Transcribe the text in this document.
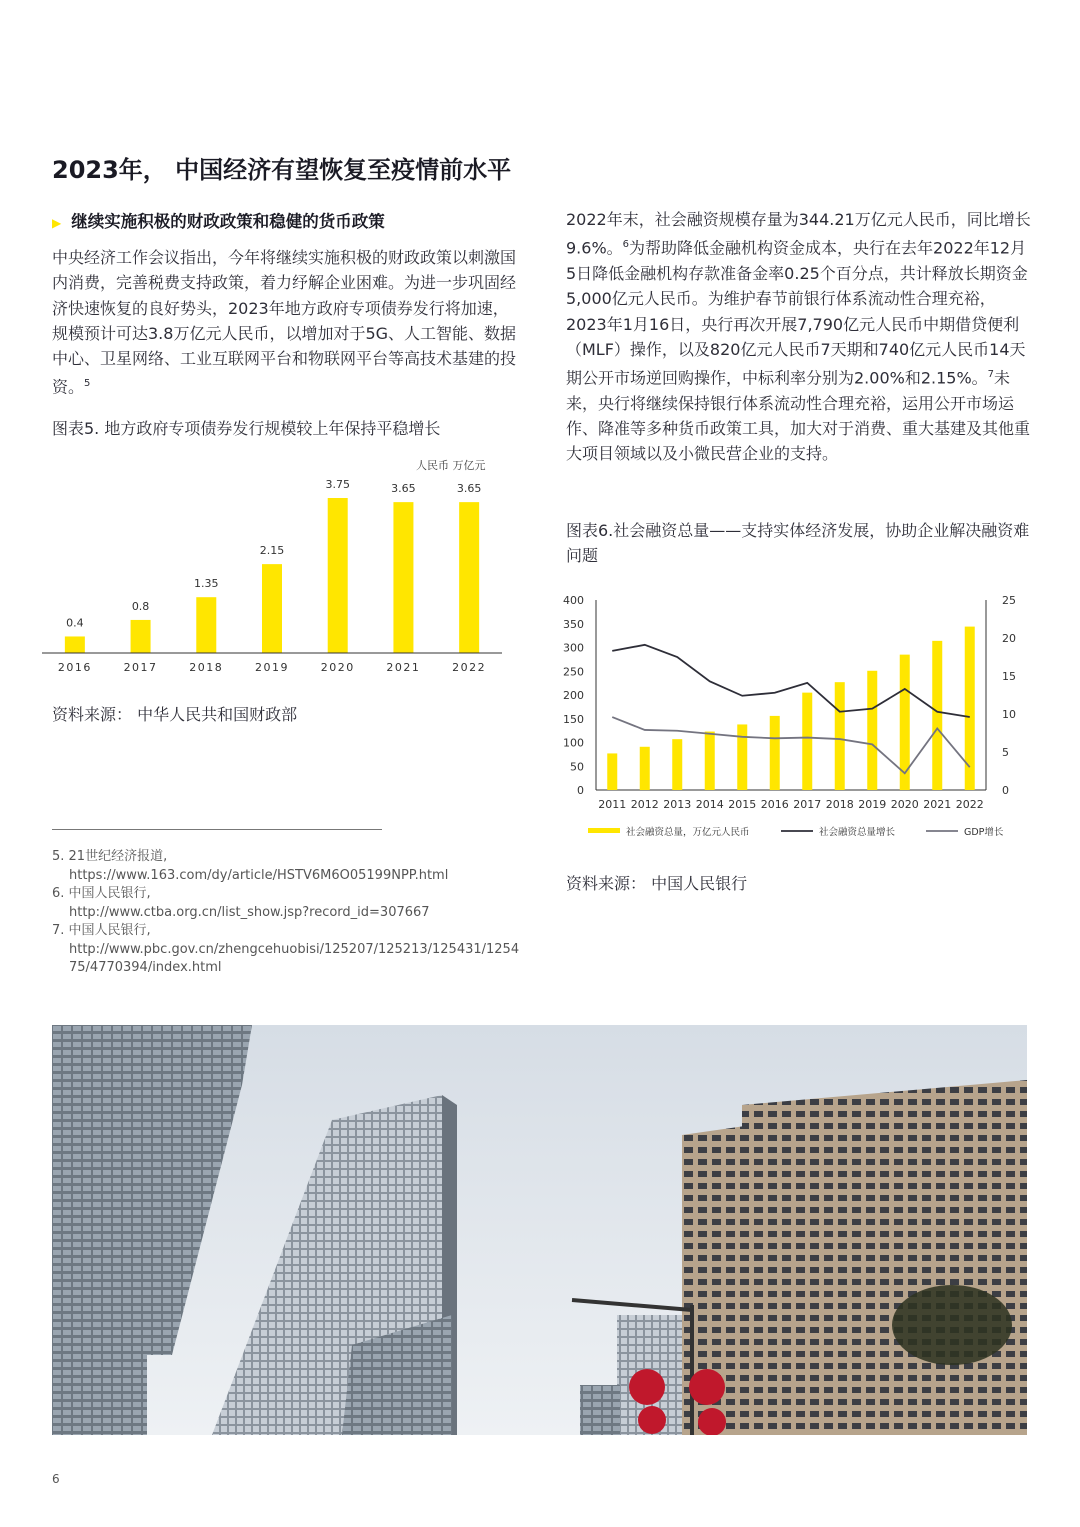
2023年， 中国经济有望恢复至疫情前水平
▶ 继续实施积极的财政政策和稳健的货币政策
中央经济工作会议指出，今年将继续实施积极的财政政策以刺激国内消费，完善税费支持政策，着力纾解企业困难。为进一步巩固经济快速恢复的良好势头，2023年地方政府专项债券发行将加速，规模预计可达3.8万亿元人民币，以增加对于5G、人工智能、数据中心、卫星网络、工业互联网平台和物联网平台等高技术基建的投资。$^5$
2022年末，社会融资规模存量为344.21万亿元人民币，同比增长9.6%。$^6$为帮助降低金融机构资金成本，央行在去年2022年12月5日降低金融机构存款准备金率0.25个百分点，共计释放长期资金5,000亿元人民币。为维护春节前银行体系流动性合理充裕，2023年1月16日，央行再次开展7,790亿元人民币中期借贷便利（MLF）操作，以及820亿元人民币7天期和740亿元人民币14天期公开市场逆回购操作，中标利率分别为2.00%和2.15%。$^7$未来，央行将继续保持银行体系流动性合理充裕，运用公开市场运作、降准等多种货币政策工具，加大对于消费、重大基建及其他重大项目领域以及小微民营企业的支持。
图表5. 地方政府专项债券发行规模较上年保持平稳增长
人民币 万亿元
0.4
2016
0.8
2017
1.35
2018
2.15
2019
3.75
2020
3.65
2021
3.65
2022
资料来源： 中华人民共和国财政部
图表6.社会融资总量——支持实体经济发展，协助企业解决融资难问题
0
50
100
150
200
250
300
350
400
0
5
10
15
20
25
2011 2012 2013 2014 2015 2016 2017 2018 2019 2020 2021 2022
社会融资总量，万亿元人民币	社会融资总量增长	GDP增长
资料来源： 中国人民银行
5. 21世纪经济报道,
https://www.163.com/dy/article/HSTV6M6O05199NPP.html
6. 中国人民银行,
http://www.ctba.org.cn/list_show.jsp?record_id=307667
7. 中国人民银行,
http://www.pbc.gov.cn/zhengcehuobisi/125207/125213/125431/125475/4770394/index.html
6
